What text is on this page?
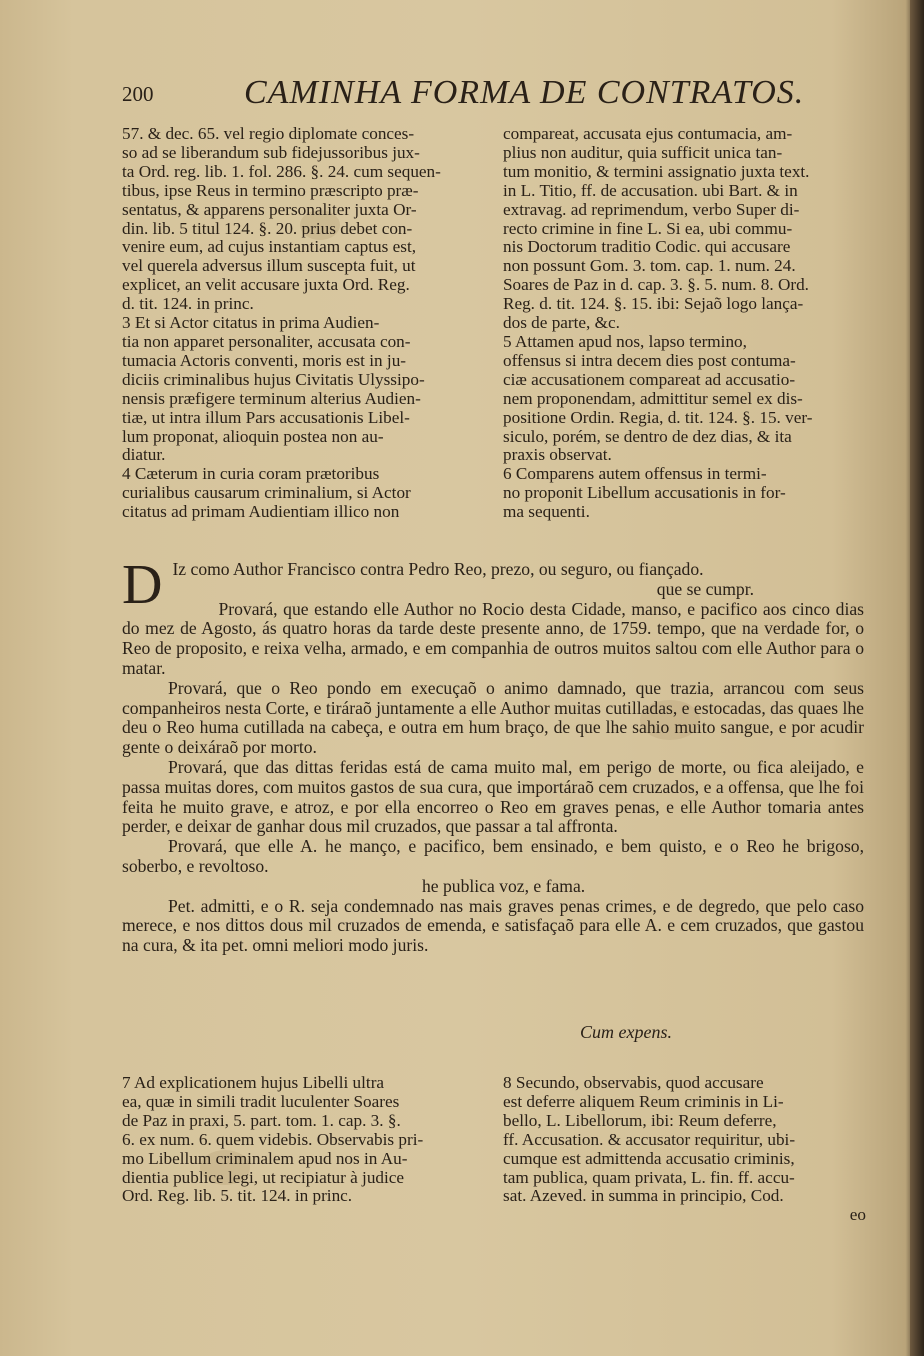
200	CAMINHA FORMA DE CONTRATOS.

57. & dec. 65. vel regio diplomate conces-

so ad se liberandum sub fidejussoribus jux-

ta Ord. reg. lib. 1. fol. 286. §. 24. cum sequen-

tibus, ipse Reus in termino præscripto præ-

sentatus, & apparens personaliter juxta Or-

din. lib. 5 titul 124. §. 20. prius debet con-

venire eum, ad cujus instantiam captus est,

vel querela adversus illum suscepta fuit, ut

explicet, an velit accusare juxta Ord. Reg.

d. tit. 124. in princ.

3 Et si Actor citatus in prima Audien-

tia non apparet personaliter, accusata con-

tumacia Actoris conventi, moris est in ju-

diciis criminalibus hujus Civitatis Ulyssipo-

nensis præfigere terminum alterius Audien-

tiæ, ut intra illum Pars accusationis Libel-

lum proponat, alioquin postea non au-

diatur.

4 Cæterum in curia coram prætoribus

curialibus causarum criminalium, si Actor

citatus ad primam Audientiam illico non

compareat, accusata ejus contumacia, am-

plius non auditur, quia sufficit unica tan-

tum monitio, & termini assignatio juxta text.

in L. Titio, ff. de accusation. ubi Bart. & in

extravag. ad reprimendum, verbo Super di-

recto crimine in fine L. Si ea, ubi commu-

nis Doctorum traditio Codic. qui accusare

non possunt Gom. 3. tom. cap. 1. num. 24.

Soares de Paz in d. cap. 3. §. 5. num. 8. Ord.

Reg. d. tit. 124. §. 15. ibi: Sejaõ logo lança-

dos de parte, &c.

5 Attamen apud nos, lapso termino,

offensus si intra decem dies post contuma-

ciæ accusationem compareat ad accusatio-

nem proponendam, admittitur semel ex dis-

positione Ordin. Regia, d. tit. 124. §. 15. ver-

siculo, porém, se dentro de dez dias, & ita

praxis observat.

6 Comparens autem offensus in termi-

no proponit Libellum accusationis in for-

ma sequenti.

D Iz como Author Francisco contra Pedro Reo, prezo, ou seguro, ou fiançado.

que se cumpr.

Provará, que estando elle Author no Rocio desta Cidade, manso, e pacifico aos cinco dias do mez de Agosto, ás quatro horas da tarde deste presente anno, de 1759. tempo, que na verdade for, o Reo de proposito, e reixa velha, armado, e em companhia de outros muitos saltou com elle Author para o matar.

Provará, que o Reo pondo em execuçaõ o animo damnado, que trazia, arrancou com seus companheiros nesta Corte, e tiráraõ juntamente a elle Author muitas cutilladas, e estocadas, das quaes lhe deu o Reo huma cutillada na cabeça, e outra em hum braço, de que lhe sahio muito sangue, e por acudir gente o deixáraõ por morto.

Provará, que das dittas feridas está de cama muito mal, em perigo de morte, ou fica aleijado, e passa muitas dores, com muitos gastos de sua cura, que importáraõ cem cruzados, e a offensa, que lhe foi feita he muito grave, e atroz, e por ella encorreo o Reo em graves penas, e elle Author tomaria antes perder, e deixar de ganhar dous mil cruzados, que passar a tal affronta.

Provará, que elle A. he manço, e pacifico, bem ensinado, e bem quisto, e o Reo he brigoso, soberbo, e revoltoso.

he publica voz, e fama.

Pet. admitti, e o R. seja condemnado nas mais graves penas crimes, e de degredo, que pelo caso merece, e nos dittos dous mil cruzados de emenda, e satisfaçaõ para elle A. e cem cruzados, que gastou na cura, & ita pet. omni meliori modo juris.

Cum expens.

7 Ad explicationem hujus Libelli ultra

ea, quæ in simili tradit luculenter Soares

de Paz in praxi, 5. part. tom. 1. cap. 3. §.

6. ex num. 6. quem videbis. Observabis pri-

mo Libellum criminalem apud nos in Au-

dientia publice legi, ut recipiatur à judice

Ord. Reg. lib. 5. tit. 124. in princ.

8 Secundo, observabis, quod accusare

est deferre aliquem Reum criminis in Li-

bello, L. Libellorum, ibi: Reum deferre,

ff. Accusation. & accusator requiritur, ubi-

cumque est admittenda accusatio criminis,

tam publica, quam privata, L. fin. ff. accu-

sat. Azeved. in summa in principio, Cod.

eo
